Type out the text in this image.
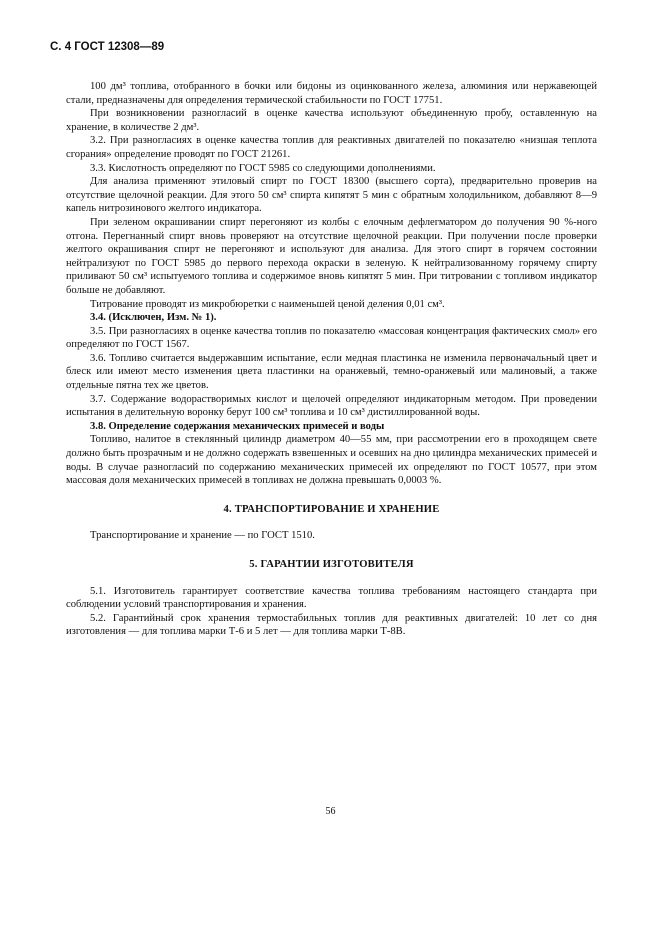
С. 4 ГОСТ 12308—89

100 дм³ топлива, отобранного в бочки или бидоны из оцинкованного железа, алюминия или нержавеющей стали, предназначены для определения термической стабильности по ГОСТ 17751.

При возникновении разногласий в оценке качества используют объединенную пробу, оставленную на хранение, в количестве 2 дм³.

3.2. При разногласиях в оценке качества топлив для реактивных двигателей по показателю «низшая теплота сгорания» определение проводят по ГОСТ 21261.

3.3. Кислотность определяют по ГОСТ 5985 со следующими дополнениями.

Для анализа применяют этиловый спирт по ГОСТ 18300 (высшего сорта), предварительно проверив на отсутствие щелочной реакции. Для этого 50 см³ спирта кипятят 5 мин с обратным холодильником, добавляют 8—9 капель нитрозинового желтого индикатора.

При зеленом окрашивании спирт перегоняют из колбы с елочным дефлегматором до получения 90 %-ного отгона. Перегнанный спирт вновь проверяют на отсутствие щелочной реакции. При получении после проверки желтого окрашивания спирт не перегоняют и используют для анализа. Для этого спирт в горячем состоянии нейтрализуют по ГОСТ 5985 до первого перехода окраски в зеленую. К нейтрализованному горячему спирту приливают 50 см³ испытуемого топлива и содержимое вновь кипятят 5 мин. При титровании с топливом индикатор больше не добавляют.

Титрование проводят из микробюретки с наименьшей ценой деления 0,01 см³.

3.4. (Исключен, Изм. № 1).

3.5. При разногласиях в оценке качества топлив по показателю «массовая концентрация фактических смол» его определяют по ГОСТ 1567.

3.6. Топливо считается выдержавшим испытание, если медная пластинка не изменила первоначальный цвет и блеск или имеют место изменения цвета пластинки на оранжевый, темно-оранжевый или малиновый, а также отдельные пятна тех же цветов.

3.7. Содержание водорастворимых кислот и щелочей определяют индикаторным методом. При проведении испытания в делительную воронку берут 100 см³ топлива и 10 см³ дистиллированной воды.

3.8. Определение содержания механических примесей и воды

Топливо, налитое в стеклянный цилиндр диаметром 40—55 мм, при рассмотрении его в проходящем свете должно быть прозрачным и не должно содержать взвешенных и осевших на дно цилиндра механических примесей и воды. В случае разногласий по содержанию механических примесей их определяют по ГОСТ 10577, при этом массовая доля механических примесей в топливах не должна превышать 0,0003 %.

4. ТРАНСПОРТИРОВАНИЕ И ХРАНЕНИЕ

Транспортирование и хранение — по ГОСТ 1510.

5. ГАРАНТИИ ИЗГОТОВИТЕЛЯ

5.1. Изготовитель гарантирует соответствие качества топлива требованиям настоящего стандарта при соблюдении условий транспортирования и хранения.

5.2. Гарантийный срок хранения термостабильных топлив для реактивных двигателей: 10 лет со дня изготовления — для топлива марки Т-6 и 5 лет — для топлива марки Т-8В.

56
